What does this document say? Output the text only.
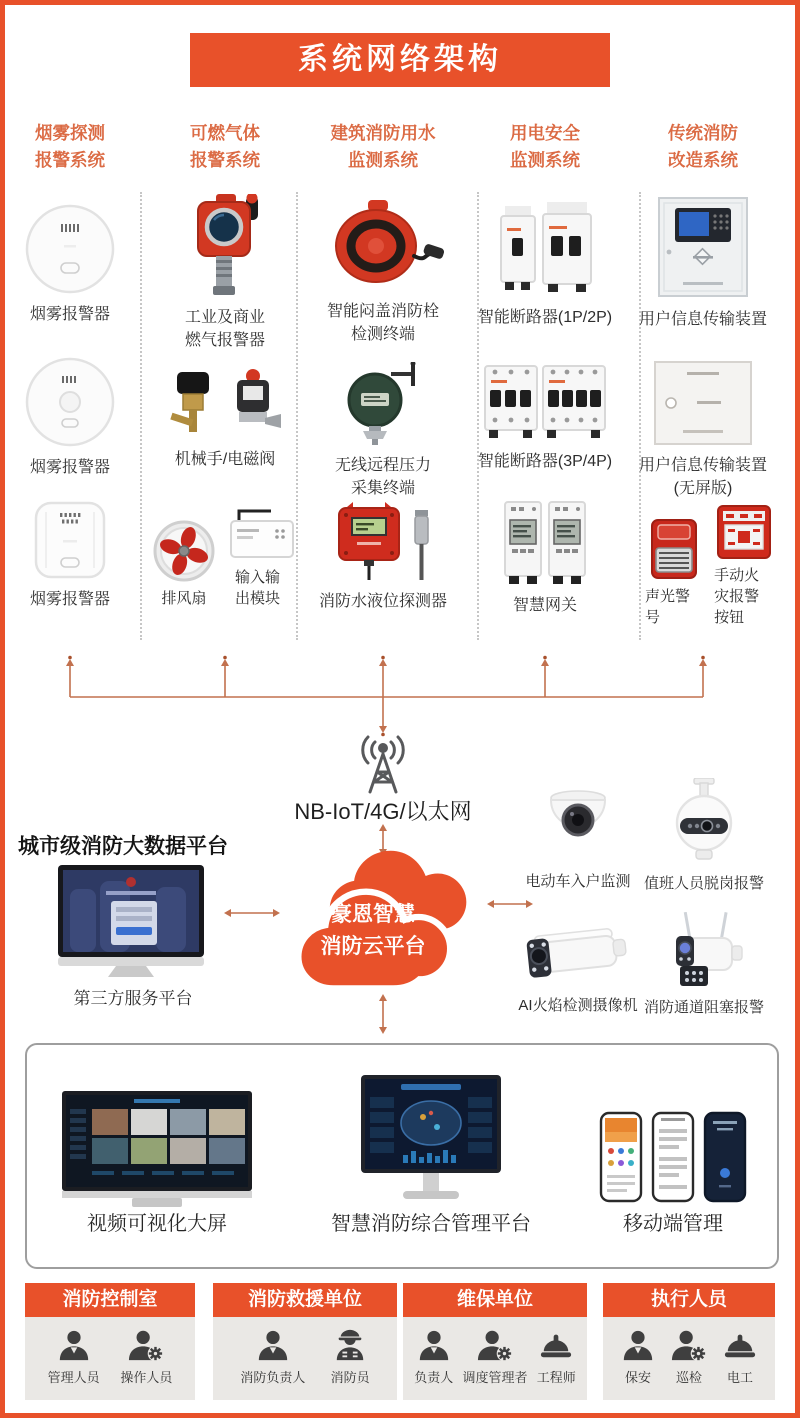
系统网络架构
烟雾探测报警系统
可燃气体报警系统
建筑消防用水监测系统
用电安全监测系统
传统消防改造系统
烟雾报警器
烟雾报警器
烟雾报警器
工业及商业燃气报警器
机械手/电磁阀
排风扇
输入输出模块
智能闷盖消防栓检测终端
无线远程压力采集终端
消防水液位探测器
智能断路器(1P/2P)
智能断路器(3P/4P)
智慧网关
用户信息传输装置
用户信息传输装置
(无屏版)
声光警号
手动火灾报警按钮
NB-IoT/4G/以太网
城市级消防大数据平台
第三方服务平台
豪恩智慧
消防云平台
电动车入户监测 值班人员脱岗报警
AI火焰检测摄像机 消防通道阻塞报警
视频可视化大屏	智慧消防综合管理平台	移动端管理
消防控制室
管理人员 操作人员
消防救援单位
消防负责人 消防员
维保单位
负责人 调度管理者 工程师
执行人员
保安 巡检 电工
